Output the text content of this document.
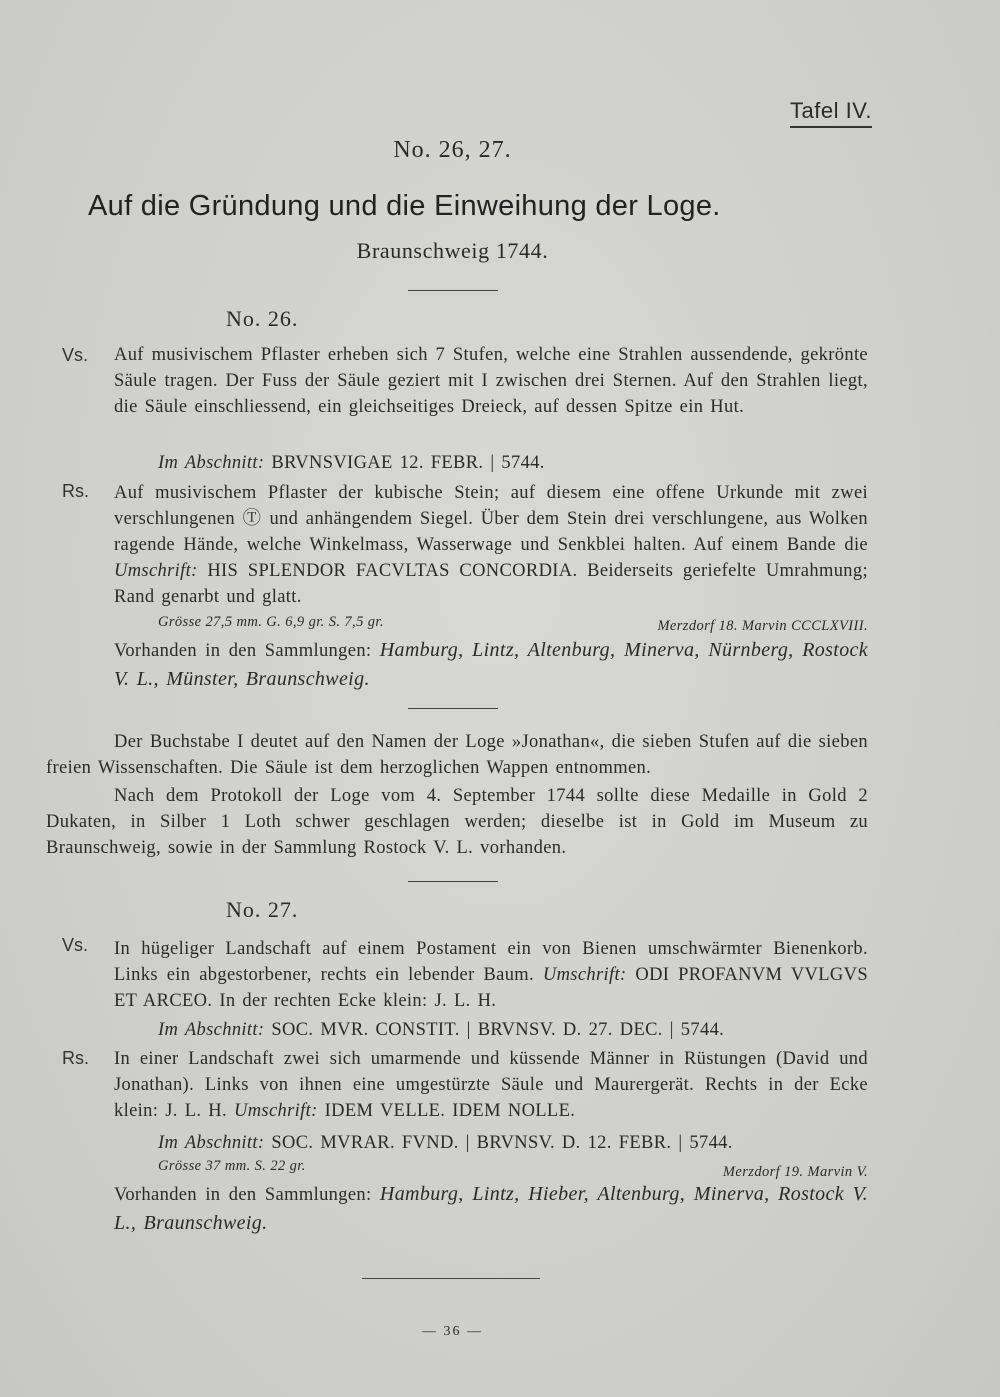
Tafel IV.
No. 26, 27.
Auf die Gründung und die Einweihung der Loge.
Braunschweig 1744.
No. 26.
Vs. Auf musivischem Pflaster erheben sich 7 Stufen, welche eine Strahlen aussendende, gekrönte Säule tragen. Der Fuss der Säule geziert mit I zwischen drei Sternen. Auf den Strahlen liegt, die Säule einschliessend, ein gleichseitiges Dreieck, auf dessen Spitze ein Hut.
Im Abschnitt: BRVNSVIGAE 12. FEBR. | 5744.
Rs. Auf musivischem Pflaster der kubische Stein; auf diesem eine offene Urkunde mit zwei verschlungenen Ⓣ und anhängendem Siegel. Über dem Stein drei verschlungene, aus Wolken ragende Hände, welche Winkelmass, Wasserwage und Senkblei halten. Auf einem Bande die Umschrift: HIS SPLENDOR FACVLTAS CONCORDIA. Beiderseits geriefelte Umrahmung; Rand genarbt und glatt.
Grösse 27,5 mm. G. 6,9 gr. S. 7,5 gr.	Merzdorf 18. Marvin CCCLXVIII.
Vorhanden in den Sammlungen: Hamburg, Lintz, Altenburg, Minerva, Nürnberg, Rostock V. L., Münster, Braunschweig.
Der Buchstabe I deutet auf den Namen der Loge »Jonathan«, die sieben Stufen auf die sieben freien Wissenschaften. Die Säule ist dem herzoglichen Wappen entnommen.
Nach dem Protokoll der Loge vom 4. September 1744 sollte diese Medaille in Gold 2 Dukaten, in Silber 1 Loth schwer geschlagen werden; dieselbe ist in Gold im Museum zu Braunschweig, sowie in der Sammlung Rostock V. L. vorhanden.
No. 27.
Vs. In hügeliger Landschaft auf einem Postament ein von Bienen umschwärmter Bienenkorb. Links ein abgestorbener, rechts ein lebender Baum. Umschrift: ODI PROFANVM VVLGVS ET ARCEO. In der rechten Ecke klein: J. L. H.
Im Abschnitt: SOC. MVR. CONSTIT. | BRVNSV. D. 27. DEC. | 5744.
Rs. In einer Landschaft zwei sich umarmende und küssende Männer in Rüstungen (David und Jonathan). Links von ihnen eine umgestürzte Säule und Maurergerät. Rechts in der Ecke klein: J. L. H. Umschrift: IDEM VELLE. IDEM NOLLE.
Im Abschnitt: SOC. MVRAR. FVND. | BRVNSV. D. 12. FEBR. | 5744.
Grösse 37 mm. S. 22 gr.	Merzdorf 19. Marvin V.
Vorhanden in den Sammlungen: Hamburg, Lintz, Hieber, Altenburg, Minerva, Rostock V. L., Braunschweig.
— 36 —
